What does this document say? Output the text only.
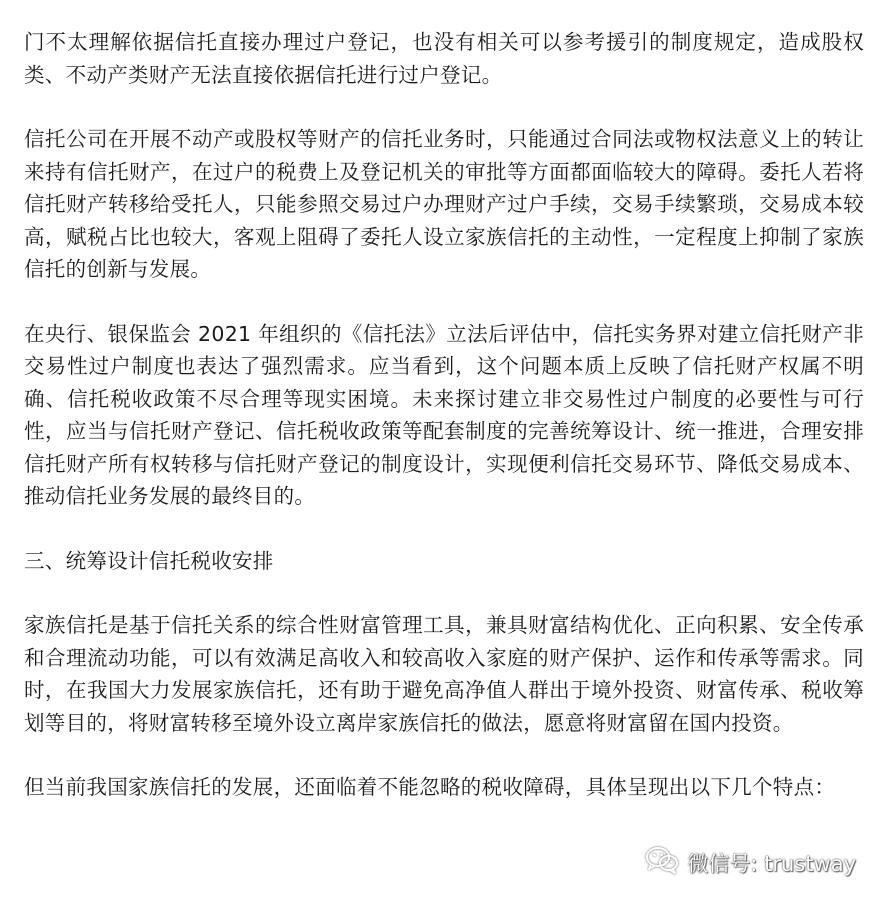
门不太理解依据信托直接办理过户登记，也没有相关可以参考援引的制度规定，造成股权类、不动产类财产无法直接依据信托进行过户登记。

信托公司在开展不动产或股权等财产的信托业务时，只能通过合同法或物权法意义上的转让来持有信托财产，在过户的税费上及登记机关的审批等方面都面临较大的障碍。委托人若将信托财产转移给受托人，只能参照交易过户办理财产过户手续，交易手续繁琐，交易成本较高，赋税占比也较大，客观上阻碍了委托人设立家族信托的主动性，一定程度上抑制了家族信托的创新与发展。

在央行、银保监会 2021 年组织的《信托法》立法后评估中，信托实务界对建立信托财产非交易性过户制度也表达了强烈需求。应当看到，这个问题本质上反映了信托财产权属不明确、信托税收政策不尽合理等现实困境。未来探讨建立非交易性过户制度的必要性与可行性，应当与信托财产登记、信托税收政策等配套制度的完善统筹设计、统一推进，合理安排信托财产所有权转移与信托财产登记的制度设计，实现便利信托交易环节、降低交易成本、推动信托业务发展的最终目的。

三、统筹设计信托税收安排

家族信托是基于信托关系的综合性财富管理工具，兼具财富结构优化、正向积累、安全传承和合理流动功能，可以有效满足高收入和较高收入家庭的财产保护、运作和传承等需求。同时，在我国大力发展家族信托，还有助于避免高净值人群出于境外投资、财富传承、税收筹划等目的，将财富转移至境外设立离岸家族信托的做法，愿意将财富留在国内投资。

但当前我国家族信托的发展，还面临着不能忽略的税收障碍，具体呈现出以下几个特点：

微信号: trustway
